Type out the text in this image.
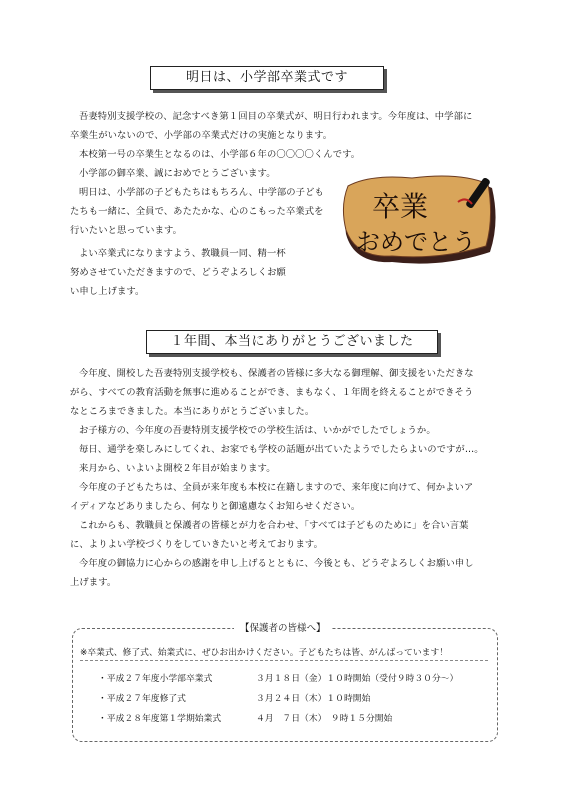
明日は、小学部卒業式です

吾妻特別支援学校の、記念すべき第１回目の卒業式が、明日行われます。今年度は、中学部に

卒業生がいないので、小学部の卒業式だけの実施となります。

本校第一号の卒業生となるのは、小学部６年の〇〇〇〇くんです。

小学部の御卒業、誠におめでとうございます。

明日は、小学部の子どもたちはもちろん、中学部の子ども

たちも一緒に、全員で、あたたかな、心のこもった卒業式を

行いたいと思っています。

よい卒業式になりますよう、教職員一同、精一杯

努めさせていただきますので、どうぞよろしくお願

い申し上げます。

卒業
おめでとう
１年間、本当にありがとうございました

今年度、開校した吾妻特別支援学校も、保護者の皆様に多大なる御理解、御支援をいただきな

がら、すべての教育活動を無事に進めることができ、まもなく、１年間を終えることができそう

なところまできました。本当にありがとうございました。

お子様方の、今年度の吾妻特別支援学校での学校生活は、いかがでしたでしょうか。

毎日、通学を楽しみにしてくれ、お家でも学校の話題が出ていたようでしたらよいのですが…。

来月から、いよいよ開校２年目が始まります。

今年度の子どもたちは、全員が来年度も本校に在籍しますので、来年度に向けて、何かよいア

イディアなどありましたら、何なりと御遠慮なくお知らせください。

これからも、教職員と保護者の皆様とが力を合わせ、「すべては子どものために」を合い言葉

に、よりよい学校づくりをしていきたいと考えております。

今年度の御協力に心からの感謝を申し上げるとともに、今後とも、どうぞよろしくお願い申し

上げます。

【保護者の皆様へ】
※卒業式、修了式、始業式に、ぜひお出かけください。子どもたちは皆、がんばっています！
・平成２７年度小学部卒業式	３月１８日（金）１０時開始（受付９時３０分～）
・平成２７年度修了式	３月２４日（木）１０時開始
・平成２８年度第１学期始業式	４月　７日（木）　９時１５分開始
